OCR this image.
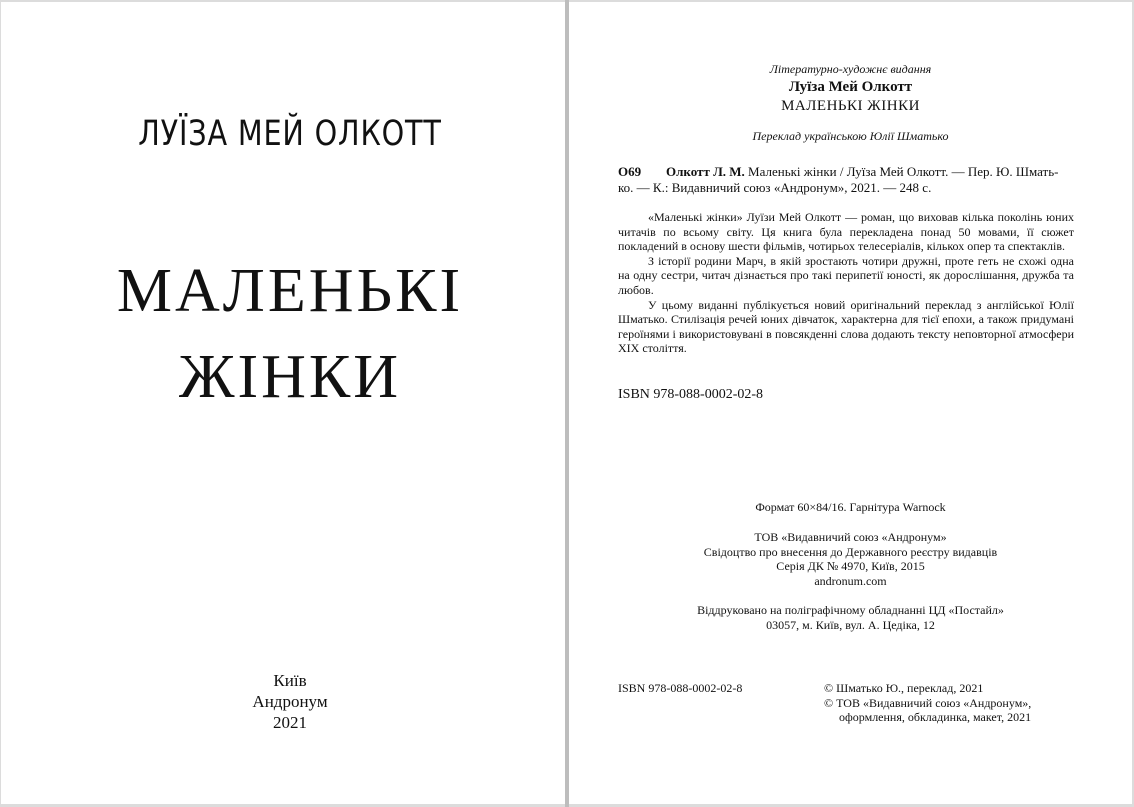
ЛУЇЗА МЕЙ ОЛКОТТ
МАЛЕНЬКІ
ЖІНКИ
Київ
Андронум
2021
Літературно-художнє видання
Луїза Мей Олкотт
МАЛЕНЬКІ ЖІНКИ
Переклад українською Юлії Шматько
О69 Олкотт Л. М. Маленькі жінки / Луїза Мей Олкотт. — Пер. Ю. Шмать-
ко. — К.: Видавничий союз «Андронум», 2021. — 248 с.

«Маленькі жінки» Луїзи Мей Олкотт — роман, що виховав кілька поколінь юних читачів по всьому світу. Ця книга була перекладена понад 50 мовами, її сюжет покладений в основу шести фільмів, чотирьох телесеріалів, кількох опер та спектаклів.

З історії родини Марч, в якій зростають чотири дружні, проте геть не схожі одна на одну сестри, читач дізнається про такі перипетії юності, як дорослішання, дружба та любов.

У цьому виданні публікується новий оригінальний переклад з англійської Юлії Шматько. Стилізація речей юних дівчаток, характерна для тієї епохи, а також придумані героїнями і використовувані в повсякденні слова додають тексту неповторної атмосфери XIX століття.

ISBN 978-088-0002-02-8
Формат 60×84/16. Гарнітура Warnock
ТОВ «Видавничий союз «Андронум»
Свідоцтво про внесення до Державного реєстру видавців
Серія ДК № 4970, Київ, 2015
andronum.com
Віддруковано на поліграфічному обладнанні ЦД «Постайл»
03057, м. Київ, вул. А. Цедіка, 12
ISBN 978-088-0002-02-8	© Шматько Ю., переклад, 2021
© ТОВ «Видавничий союз «Андронум»,
оформлення, обкладинка, макет, 2021
